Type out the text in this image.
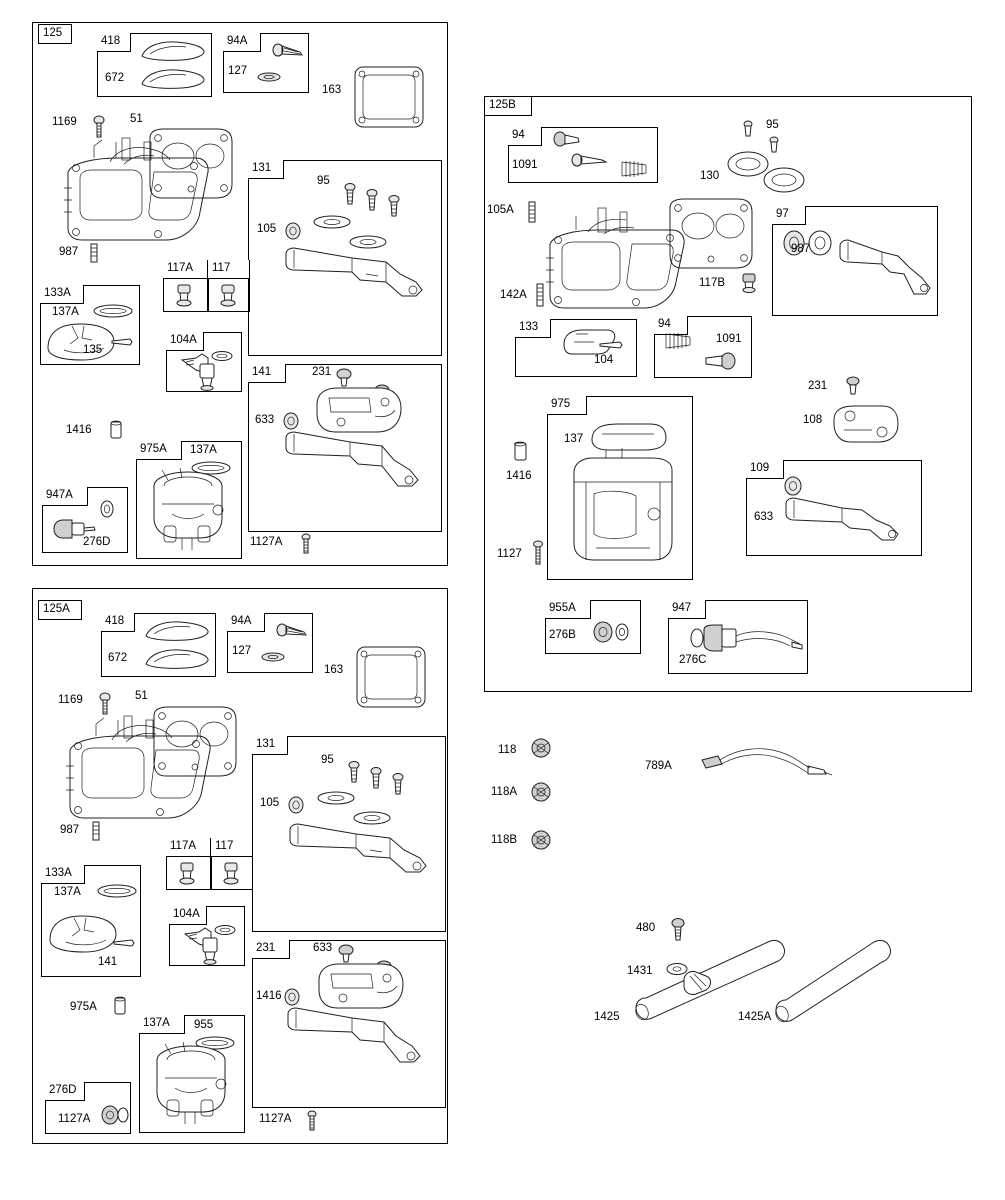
125
418
672
94A
127
163
1169	51
987
131
95
105
117A	117
133A
137A
135
104A
141	231
633
1127A
1416
975A	137A
947A
276D
125A
418
672
94A
127
163
1169	51
987
131
95
105
117A	117
133A
137A
141
104A
231	633
1416
1127A
975A
137A	955
276D
1127A
125B
94
1091
95
130
105A	97
987
117B
142A
133
104
94
1091
231
108
975
137
1416
109
633
1127
955A
276B
947
276C
118
118A
118B
789A
480
1431
1425	1425A
